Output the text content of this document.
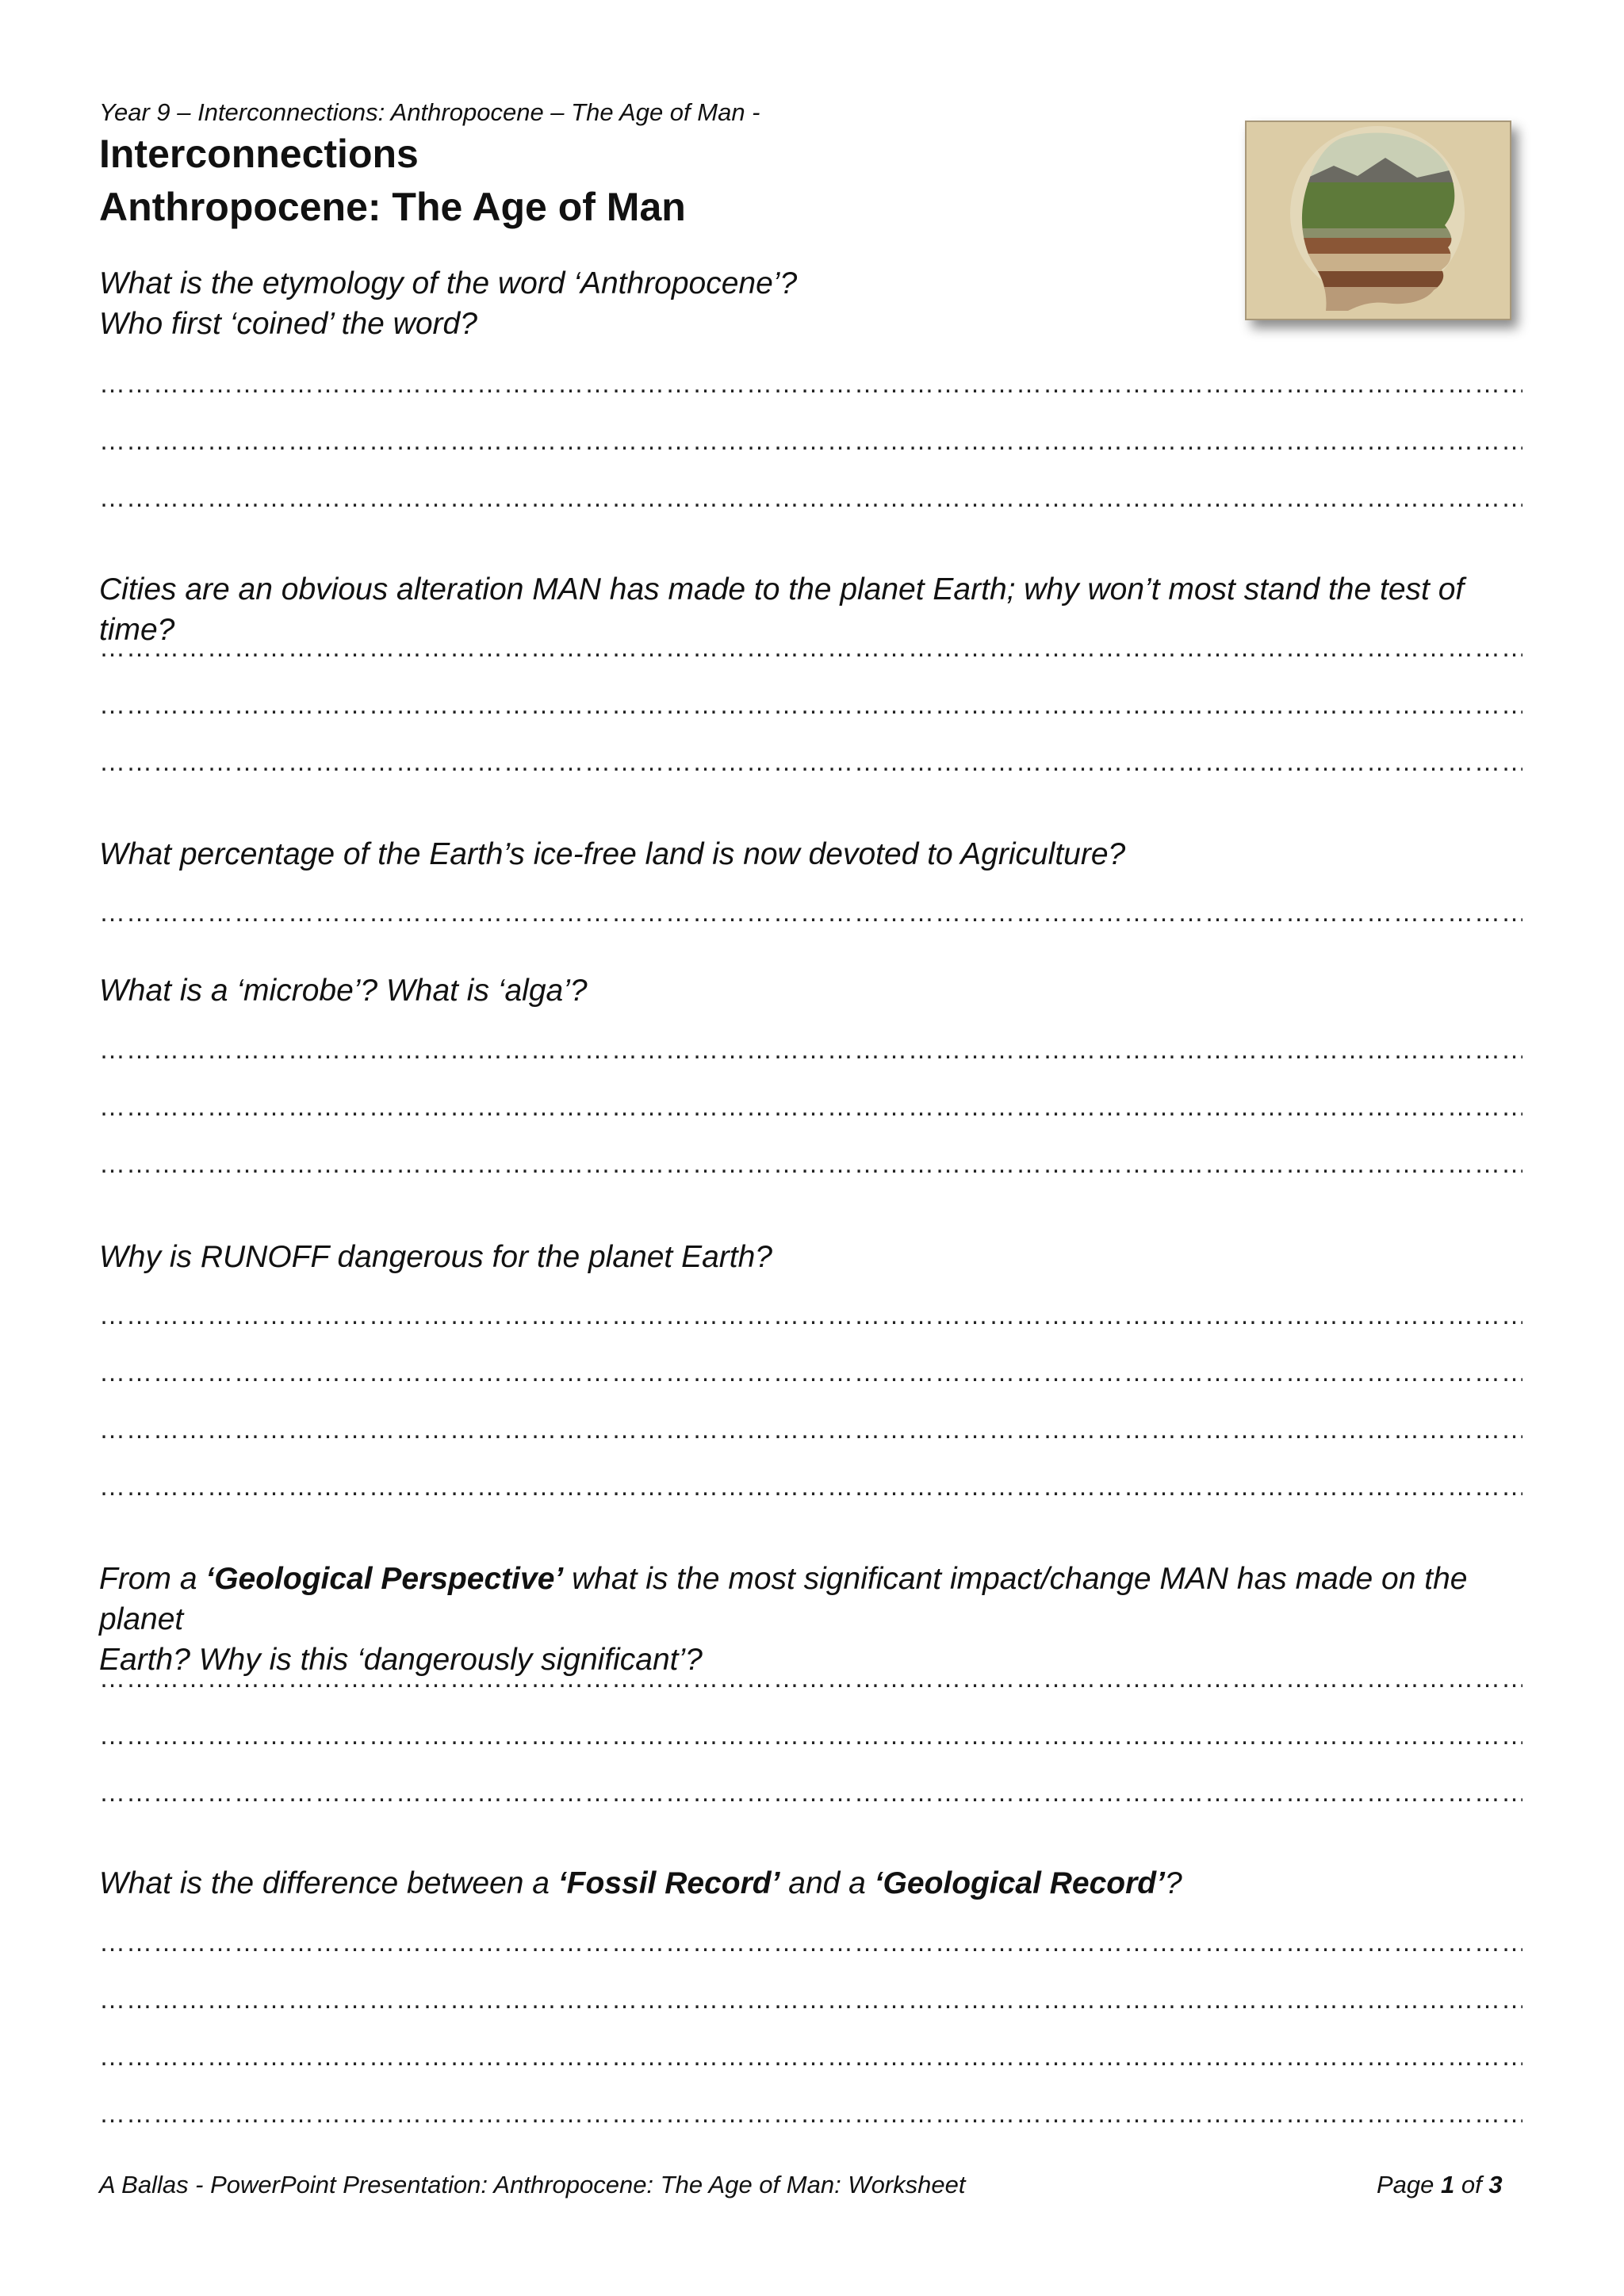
Year 9 – Interconnections: Anthropocene – The Age of Man -
Interconnections
Anthropocene: The Age of Man
What is the etymology of the word ‘Anthropocene’?
Who first ‘coined’ the word?
………………………………………………………………………………………………………………………………………………………………………………………………………………………………………………………………………………………………………………………………………………………………………………………………………………
………………………………………………………………………………………………………………………………………………………………………………………………………………………………………………………………………………………………………………………………………………………………………………………………………………
………………………………………………………………………………………………………………………………………………………………………………………………………………………………………………………………………………………………………………………………………………………………………………………………………………
Cities are an obvious alteration MAN has made to the planet Earth; why won’t most stand the test of time?
………………………………………………………………………………………………………………………………………………………………………………………………………………………………………………………………………………………………………………………………………………………………………………………………………………
………………………………………………………………………………………………………………………………………………………………………………………………………………………………………………………………………………………………………………………………………………………………………………………………………………
………………………………………………………………………………………………………………………………………………………………………………………………………………………………………………………………………………………………………………………………………………………………………………………………………………
What percentage of the Earth’s ice-free land is now devoted to Agriculture?
………………………………………………………………………………………………………………………………………………………………………………………………………………………………………………………………………………………………………………………………………………………………………………………………………………
What is a ‘microbe’? What is ‘alga’?
………………………………………………………………………………………………………………………………………………………………………………………………………………………………………………………………………………………………………………………………………………………………………………………………………………
………………………………………………………………………………………………………………………………………………………………………………………………………………………………………………………………………………………………………………………………………………………………………………………………………………
………………………………………………………………………………………………………………………………………………………………………………………………………………………………………………………………………………………………………………………………………………………………………………………………………………
Why is RUNOFF dangerous for the planet Earth?
………………………………………………………………………………………………………………………………………………………………………………………………………………………………………………………………………………………………………………………………………………………………………………………………………………
………………………………………………………………………………………………………………………………………………………………………………………………………………………………………………………………………………………………………………………………………………………………………………………………………………
………………………………………………………………………………………………………………………………………………………………………………………………………………………………………………………………………………………………………………………………………………………………………………………………………………
………………………………………………………………………………………………………………………………………………………………………………………………………………………………………………………………………………………………………………………………………………………………………………………………………………
From a ‘Geological Perspective’ what is the most significant impact/change MAN has made on the planet
Earth? Why is this ‘dangerously significant’?
………………………………………………………………………………………………………………………………………………………………………………………………………………………………………………………………………………………………………………………………………………………………………………………………………………
………………………………………………………………………………………………………………………………………………………………………………………………………………………………………………………………………………………………………………………………………………………………………………………………………………
………………………………………………………………………………………………………………………………………………………………………………………………………………………………………………………………………………………………………………………………………………………………………………………………………………
What is the difference between a ‘Fossil Record’ and a ‘Geological Record’?
………………………………………………………………………………………………………………………………………………………………………………………………………………………………………………………………………………………………………………………………………………………………………………………………………………
………………………………………………………………………………………………………………………………………………………………………………………………………………………………………………………………………………………………………………………………………………………………………………………………………………
………………………………………………………………………………………………………………………………………………………………………………………………………………………………………………………………………………………………………………………………………………………………………………………………………………
………………………………………………………………………………………………………………………………………………………………………………………………………………………………………………………………………………………………………………………………………………………………………………………………………………
A Ballas - PowerPoint Presentation: Anthropocene: The Age of Man: Worksheet	Page 1 of 3
